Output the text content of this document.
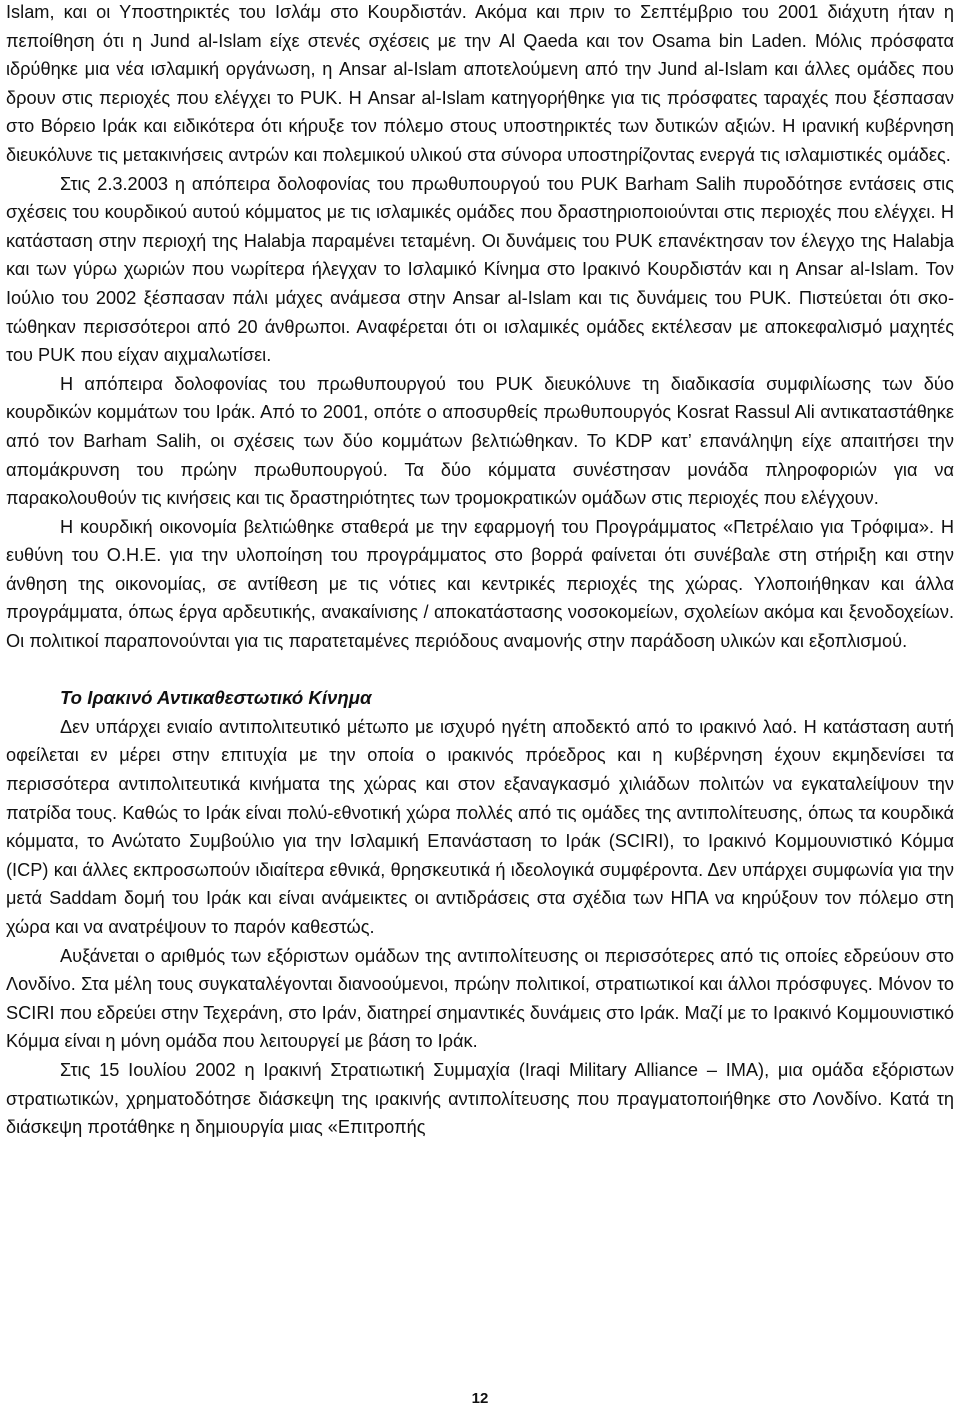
Islam, και οι Υποστηρικτές του Ισλάμ στο Κουρδιστάν. Ακόμα και πριν το Σεπτέμβριο του 2001 διάχυτη ήταν η πεποίθηση ότι η Jund al-Islam είχε στενές σχέσεις με την Al Qaeda και τον Osama bin Laden. Μόλις πρόσφατα ιδρύθηκε μια νέα ισλαμική οργάνωση, η Ansar al-Islam αποτελούμενη από την Jund al-Islam και άλλες ομάδες που δρουν στις περιοχές που ελέγχει το PUK. Η Ansar al-Islam κατηγορήθηκε για τις πρόσφατες ταραχές που ξέσπασαν στο Βόρειο Ιράκ και ειδικότερα ότι κήρυξε τον πόλεμο στους υποστηρικτές των δυτικών αξιών. Η ιρανική κυβέρνηση διευκόλυνε τις μετακινήσεις αντρών και πολεμικού υλικού στα σύνορα υποστηρίζοντας ενεργά τις ισλαμιστικές ομάδες.

Στις 2.3.2003 η απόπειρα δολοφονίας του πρωθυπουργού του PUK Barham Salih πυροδότησε εντάσεις στις σχέσεις του κουρδικού αυτού κόμματος με τις ισλαμικές ομάδες που δραστηριοποιούνται στις περιοχές που ελέγχει. Η κατάσταση στην περιοχή της Halabja παραμένει τεταμένη. Οι δυνάμεις του PUK επανέκτησαν τον έλεγχο της Halabja και των γύρω χωριών που νωρίτερα ήλεγχαν το Ισλαμικό Κίνημα στο Ιρακινό Κουρδιστάν και η Ansar al-Islam. Τον Ιούλιο του 2002 ξέσπασαν πάλι μάχες ανάμεσα στην Ansar al-Islam και τις δυνάμεις του PUK. Πιστεύεται ότι σκοτώθηκαν περισσότεροι από 20 άνθρωποι. Αναφέρεται ότι οι ισλαμικές ομάδες εκτέλεσαν με αποκεφαλισμό μαχητές του PUK που είχαν αιχμαλωτίσει.

Η απόπειρα δολοφονίας του πρωθυπουργού του PUK διευκόλυνε τη διαδικασία συμφιλίωσης των δύο κουρδικών κομμάτων του Ιράκ. Από το 2001, οπότε ο αποσυρθείς πρωθυπουργός Kosrat Rassul Ali αντικαταστάθηκε από τον Barham Salih, οι σχέσεις των δύο κομμάτων βελτιώθηκαν. Το KDP κατ’ επανάληψη είχε απαιτήσει την απομάκρυνση του πρώην πρωθυπουργού. Τα δύο κόμματα συνέστησαν μονάδα πληροφοριών για να παρακολουθούν τις κινήσεις και τις δραστηριότητες των τρομοκρατικών ομάδων στις περιοχές που ελέγχουν.

Η κουρδική οικονομία βελτιώθηκε σταθερά με την εφαρμογή του Προγράμματος «Πετρέλαιο για Τρόφιμα». Η ευθύνη του Ο.Η.Ε. για την υλοποίηση του προγράμματος στο βορρά φαίνεται ότι συνέβαλε στη στήριξη και στην άνθηση της οικονομίας, σε αντίθεση με τις νότιες και κεντρικές περιοχές της χώρας. Υλοποιήθηκαν και άλλα προγράμματα, όπως έργα αρδευτικής, ανακαίνισης / αποκατάστασης νοσοκομείων, σχολείων ακόμα και ξενοδοχείων. Οι πολιτικοί παραπονούνται για τις παρατεταμένες περιόδους αναμονής στην παράδοση υλικών και εξοπλισμού.

Το Ιρακινό Αντικαθεστωτικό Κίνημα

Δεν υπάρχει ενιαίο αντιπολιτευτικό μέτωπο με ισχυρό ηγέτη αποδεκτό από το ιρακινό λαό. Η κατάσταση αυτή οφείλεται εν μέρει στην επιτυχία με την οποία ο ιρακινός πρόεδρος και η κυβέρνηση έχουν εκμηδενίσει τα περισσότερα αντιπολιτευτικά κινήματα της χώρας και στον εξαναγκασμό χιλιάδων πολιτών να εγκαταλείψουν την πατρίδα τους. Καθώς το Ιράκ είναι πολύ-εθνοτική χώρα πολλές από τις ομάδες της αντιπολίτευσης, όπως τα κουρδικά κόμματα, το Ανώτατο Συμβούλιο για την Ισλαμική Επανάσταση το Ιράκ (SCIRI), το Ιρακινό Κομμουνιστικό Κόμμα (ICP) και άλλες εκπροσωπούν ιδιαίτερα εθνικά, θρησκευτικά ή ιδεολογικά συμφέροντα. Δεν υπάρχει συμφωνία για την μετά Saddam δομή του Ιράκ και είναι ανάμεικτες οι αντιδράσεις στα σχέδια των ΗΠΑ να κηρύξουν τον πόλεμο στη χώρα και να ανατρέψουν το παρόν καθεστώς.

Αυξάνεται ο αριθμός των εξόριστων ομάδων της αντιπολίτευσης οι περισσότερες από τις οποίες εδρεύουν στο Λονδίνο. Στα μέλη τους συγκαταλέγονται διανοούμενοι, πρώην πολιτικοί, στρατιωτικοί και άλλοι πρόσφυγες. Μόνον το SCIRI που εδρεύει στην Τεχεράνη, στο Ιράν, διατηρεί σημαντικές δυνάμεις στο Ιράκ. Μαζί με το Ιρακινό Κομμουνιστικό Κόμμα είναι η μόνη ομάδα που λειτουργεί με βάση το Ιράκ.

Στις 15 Ιουλίου 2002 η Ιρακινή Στρατιωτική Συμμαχία (Iraqi Military Alliance – IMA), μια ομάδα εξόριστων στρατιωτικών, χρηματοδότησε διάσκεψη της ιρακινής αντιπολίτευσης που πραγματοποιήθηκε στο Λονδίνο. Κατά τη διάσκεψη προτάθηκε η δημιουργία μιας «Επιτροπής

12
